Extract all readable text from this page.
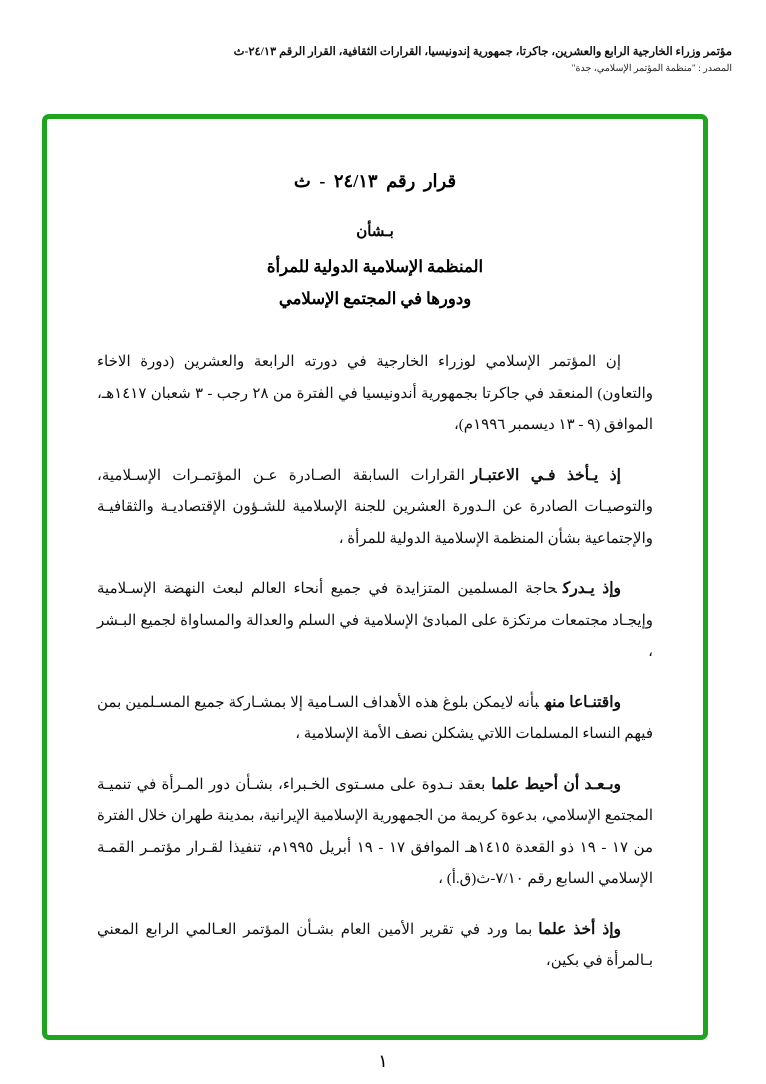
مؤتمر وزراء الخارجية الرابع والعشرين، جاكرتا، جمهورية إندونيسيا، القرارات الثقافية، القرار الرقم ٢٤/١٣-ث
المصدر : "منظمة المؤتمر الإسلامي، جدة"
قرار رقم ٢٤/١٣ - ث
بـشأن
المنظمة الإسلامية الدولية للمرأة
ودورها في المجتمع الإسلامي

إن المؤتمر الإسلامي لوزراء الخارجية في دورته الرابعة والعشرين (دورة الاخاء والتعاون) المنعقد في جاكرتا بجمهورية أندونيسيا في الفترة من ٢٨ رجب - ٣ شعبان ١٤١٧هـ، الموافق (٩ - ١٣ ديسمبر ١٩٩٦م)،

إذ يـأخذ فـي الاعتبـارالقرارات السابقة الصـادرة عـن المؤتمـرات الإسـلامية، والتوصيـات الصادرة عن الـدورة العشرين للجنة الإسلامية للشـؤون الإقتصاديـة والثقافيـة والإجتماعية بشأن المنظمة الإسلامية الدولية للمرأة ،

وإذ يـدركحاجة المسلمين المتزايدة في جميع أنحاء العالم لبعث النهضة الإسـلامية وإيجـاد مجتمعات مرتكزة على المبادئ الإسلامية في السلم والعدالة والمساواة لجميع البـشر ،

واقتنـاعا منهبأنه لايمكن بلوغ هذه الأهداف السـامية إلا بمشـاركة جميع المسـلمين بمن فيهم النساء المسلمات اللاتي يشكلن نصف الأمة الإسلامية ،

وبـعـد أن أحيط علمابعقد نـدوة على مسـتوى الخـبراء، بشـأن دور المـرأة في تنميـة المجتمع الإسلامي، بدعوة كريمة من الجمهورية الإسلامية الإيرانية، بمدينة طهران خلال الفترة من ١٧ - ١٩ ذو القعدة ١٤١٥هـ الموافق ١٧ - ١٩ أبريل ١٩٩٥م، تنفيذا لقـرار مؤتمـر القمـة الإسلامي السابع رقم ٧/١٠-ث(ق.أ) ،

وإذ أخذ علمابما ورد في تقرير الأمين العام بشـأن المؤتمر العـالمي الرابع المعني بـالمرأة في بكين،

١
